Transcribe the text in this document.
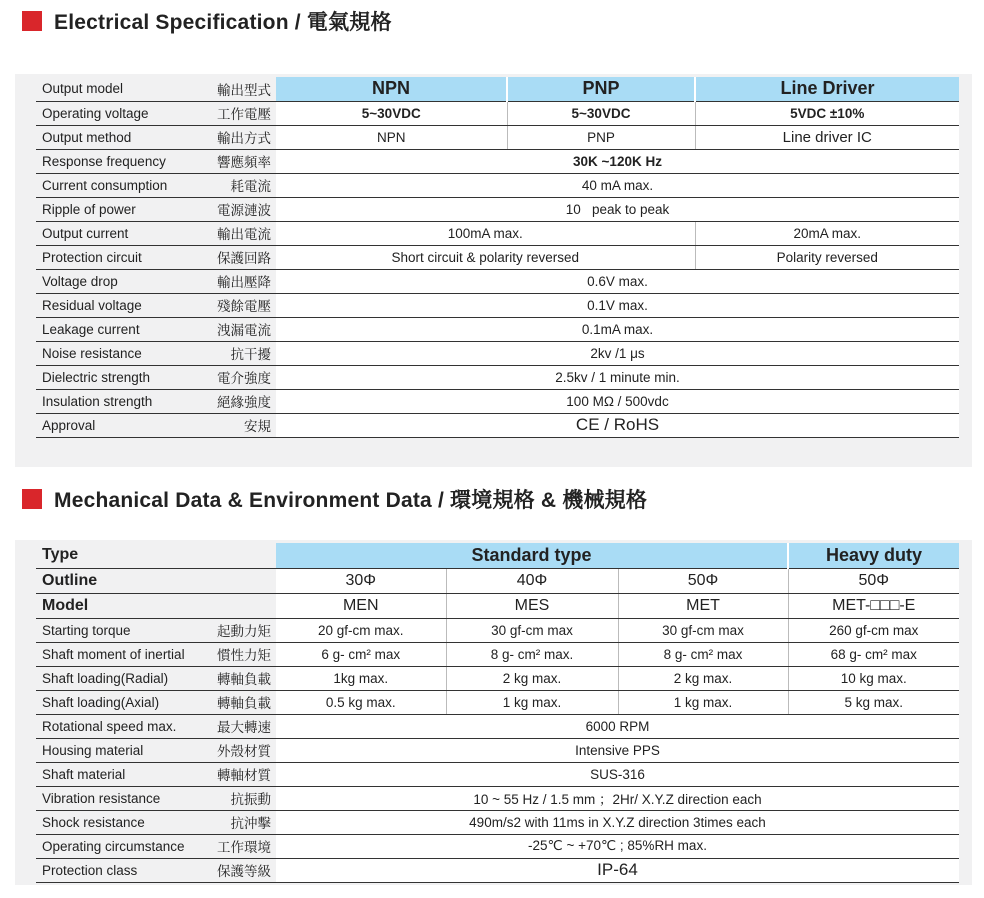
Electrical Specification / 電氣規格
Output model	輸出型式	NPN	PNP	Line Driver
Operating voltage	工作電壓	5~30VDC	5~30VDC	5VDC ±10%
Output method	輸出方式	NPN	PNP	Line driver IC
Response frequency	響應頻率	30K ~120K Hz		
Current consumption	耗電流	40 mA max.		
Ripple of power	電源漣波	10   peak to peak		
Output current	輸出電流	100mA max.		20mA max.
Protection circuit	保護回路	Short circuit & polarity reversed		Polarity reversed
Voltage drop	輸出壓降	0.6V max.		
Residual voltage	殘餘電壓	0.1V max.		
Leakage current	洩漏電流	0.1mA max.		
Noise resistance	抗干擾	2kv /1 μs		
Dielectric strength	電介強度	2.5kv / 1 minute min.		
Insulation strength	絕緣強度	100 MΩ / 500vdc		
Approval	安規	CE / RoHS		
Mechanical Data & Environment Data / 環境規格 & 機械規格
Type		Standard type			Heavy duty
Outline		30Φ	40Φ	50Φ	50Φ
Model		MEN	MES	MET	MET-□□□-E
Starting torque	起動力矩	20 gf-cm max.	30 gf-cm max	30 gf-cm max	260 gf-cm max
Shaft moment of inertial	慣性力矩	6 g- cm² max	8 g- cm² max.	8 g- cm² max	68 g- cm² max
Shaft loading(Radial)	轉軸負載	1kg max.	2 kg max.	2 kg max.	10 kg max.
Shaft loading(Axial)	轉軸負載	0.5 kg max.	1 kg max.	1 kg max.	5 kg max.
Rotational speed max.	最大轉速	6000 RPM			
Housing material	外殼材質	Intensive PPS			
Shaft material	轉軸材質	SUS-316			
Vibration resistance	抗振動	10 ~ 55 Hz / 1.5 mm ；2Hr/ X.Y.Z direction each			
Shock resistance	抗沖擊	490m/s2 with 11ms in X.Y.Z direction 3times each			
Operating circumstance	工作環境	-25℃ ~ +70℃ ; 85%RH max.			
Protection class	保護等級	IP-64			
